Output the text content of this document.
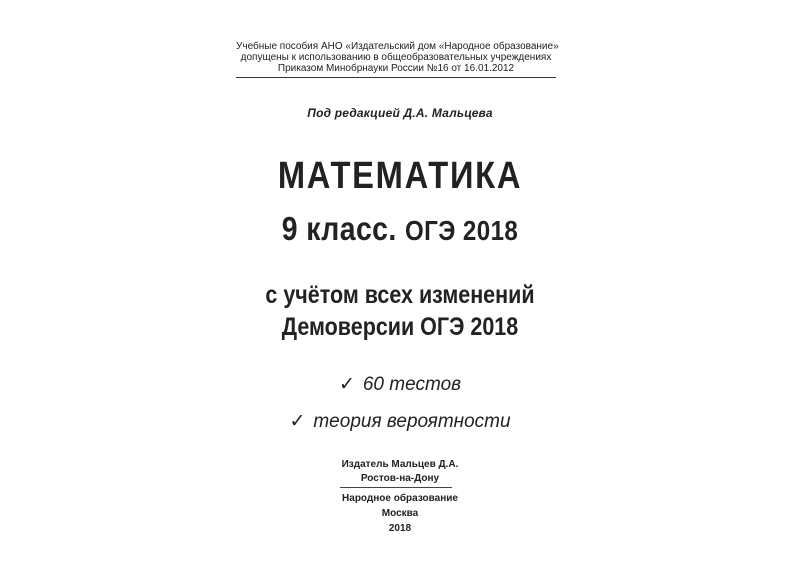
Учебные пособия АНО «Издательский дом «Народное образование»
допущены к использованию в общеобразовательных учреждениях
Приказом Минобрнауки России №16 от 16.01.2012
Под редакцией Д.А. Мальцева
МАТЕМАТИКА
9 класс. ОГЭ 2018
с учётом всех изменений
Демоверсии ОГЭ 2018
✓ 60 тестов
✓ теория вероятности
Издатель Мальцев Д.А.
Ростов-на-Дону
Народное образование
Москва
2018
